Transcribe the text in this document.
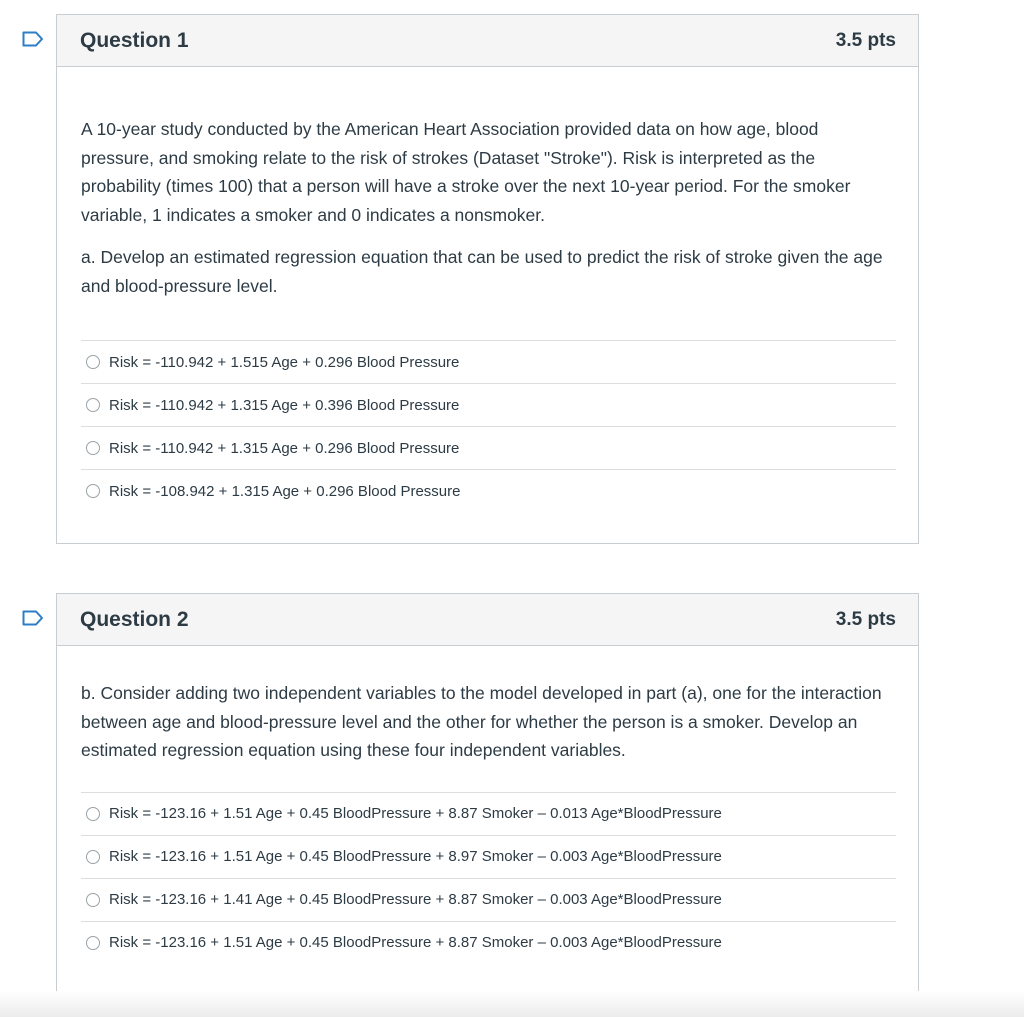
Question 1	3.5 pts

A 10-year study conducted by the American Heart Association provided data on how age, blood pressure, and smoking relate to the risk of strokes (Dataset "Stroke"). Risk is interpreted as the probability (times 100) that a person will have a stroke over the next 10-year period. For the smoker variable, 1 indicates a smoker and 0 indicates a nonsmoker.

a. Develop an estimated regression equation that can be used to predict the risk of stroke given the age and blood-pressure level.

Risk = -110.942 + 1.515 Age + 0.296 Blood Pressure
Risk = -110.942 + 1.315 Age + 0.396 Blood Pressure
Risk = -110.942 + 1.315 Age + 0.296 Blood Pressure
Risk = -108.942 + 1.315 Age + 0.296 Blood Pressure
Question 2	3.5 pts

b. Consider adding two independent variables to the model developed in part (a), one for the interaction between age and blood-pressure level and the other for whether the person is a smoker. Develop an estimated regression equation using these four independent variables.

Risk = -123.16 + 1.51 Age + 0.45 BloodPressure + 8.87 Smoker – 0.013 Age*BloodPressure
Risk = -123.16 + 1.51 Age + 0.45 BloodPressure + 8.97 Smoker – 0.003 Age*BloodPressure
Risk = -123.16 + 1.41 Age + 0.45 BloodPressure + 8.87 Smoker – 0.003 Age*BloodPressure
Risk = -123.16 + 1.51 Age + 0.45 BloodPressure + 8.87 Smoker – 0.003 Age*BloodPressure
